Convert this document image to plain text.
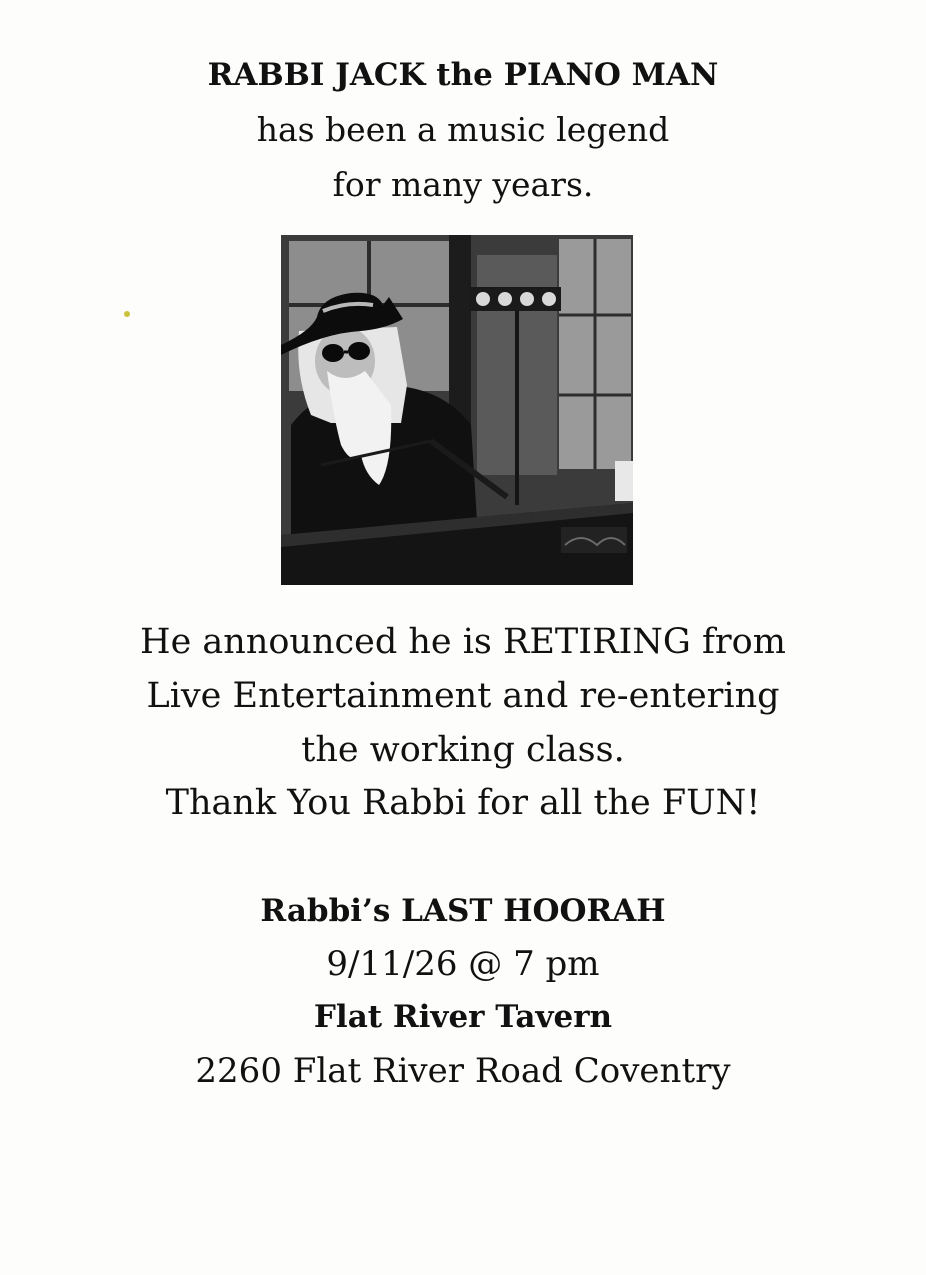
RABBI JACK the PIANO MAN
has been a music legend
for many years.
He announced he is RETIRING from
Live Entertainment and re-entering
the working class.
Thank You Rabbi for all the FUN!
Rabbi’s LAST HOORAH
9/11/26 @ 7 pm
Flat River Tavern
2260 Flat River Road Coventry
